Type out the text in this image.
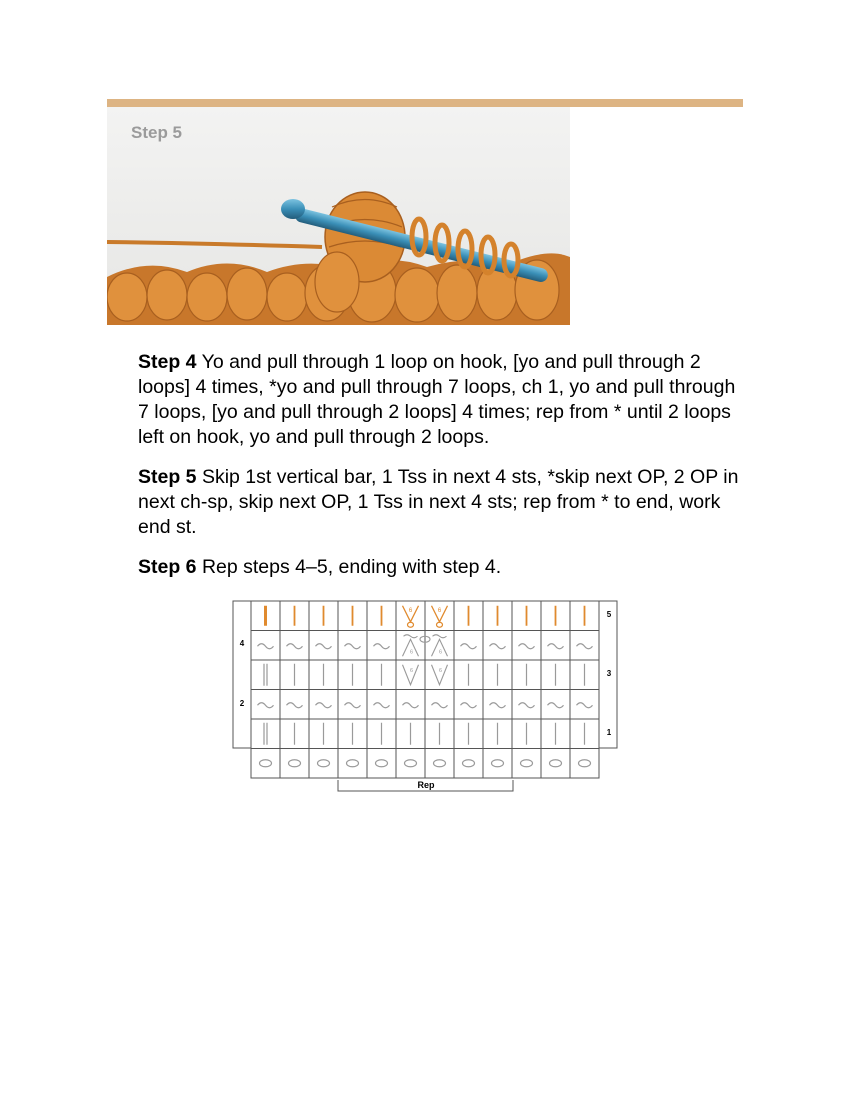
Step 5

Step 4 Yo and pull through 1 loop on hook, [yo and pull through 2 loops] 4 times, *yo and pull through 7 loops, ch 1, yo and pull through 7 loops, [yo and pull through 2 loops] 4 times; rep from * until 2 loops left on hook, yo and pull through 2 loops.

Step 5 Skip 1st vertical bar, 1 Tss in next 4 sts, *skip next OP, 2 OP in next ch-sp, skip next OP, 1 Tss in next 4 sts; rep from * to end, work end st.

Step 6 Rep steps 4–5, ending with step 4.

5
4
3
2
1
Rep
6	6
6	6
6	6
